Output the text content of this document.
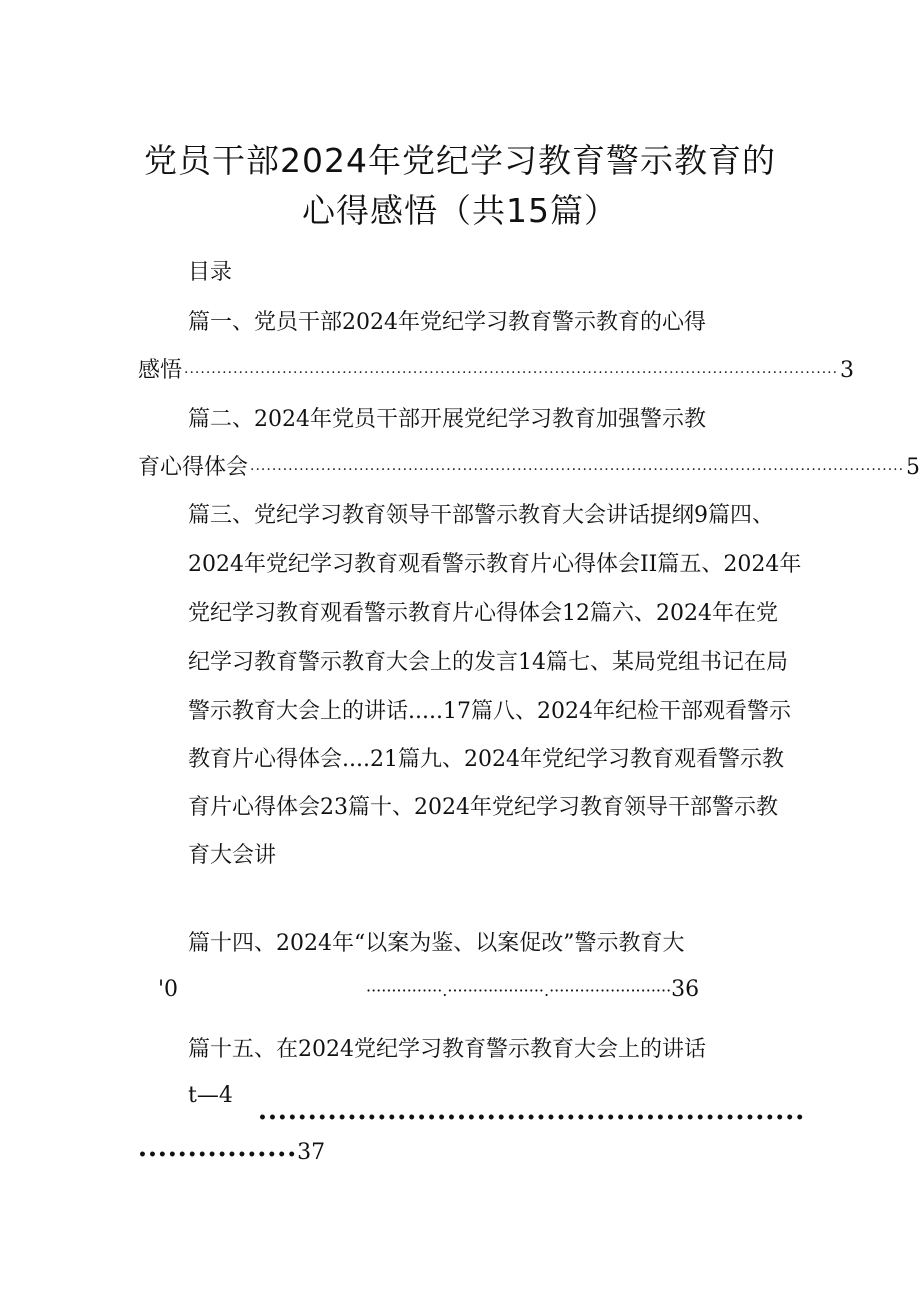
党员干部2024年党纪学习教育警示教育的
心得感悟（共15篇）
目录
篇一、党员干部2024年党纪学习教育警示教育的心得
感悟 ························································································································ 3
篇二、2024年党员干部开展党纪学习教育加强警示教
育心得体会 ························································································································ 5
篇三、党纪学习教育领导干部警示教育大会讲话提纲9篇四、
2024年党纪学习教育观看警示教育片心得体会II篇五、2024年
党纪学习教育观看警示教育片心得体会12篇六、2024年在党
纪学习教育警示教育大会上的发言14篇七、某局党组书记在局
警示教育大会上的讲话.....17篇八、2024年纪检干部观看警示
教育片心得体会....21篇九、2024年党纪学习教育观看警示教
育片心得体会23篇十、2024年党纪学习教育领导干部警示教
育大会讲
篇十四、2024年“以案为鉴、以案促改”警示教育大
'0	···············.···················.························36
篇十五、在2024党纪学习教育警示教育大会上的讲话
t—4
•••••••••••••••••••••••••••••••••••••••••••••••••••••••
••••••••••••••••37
